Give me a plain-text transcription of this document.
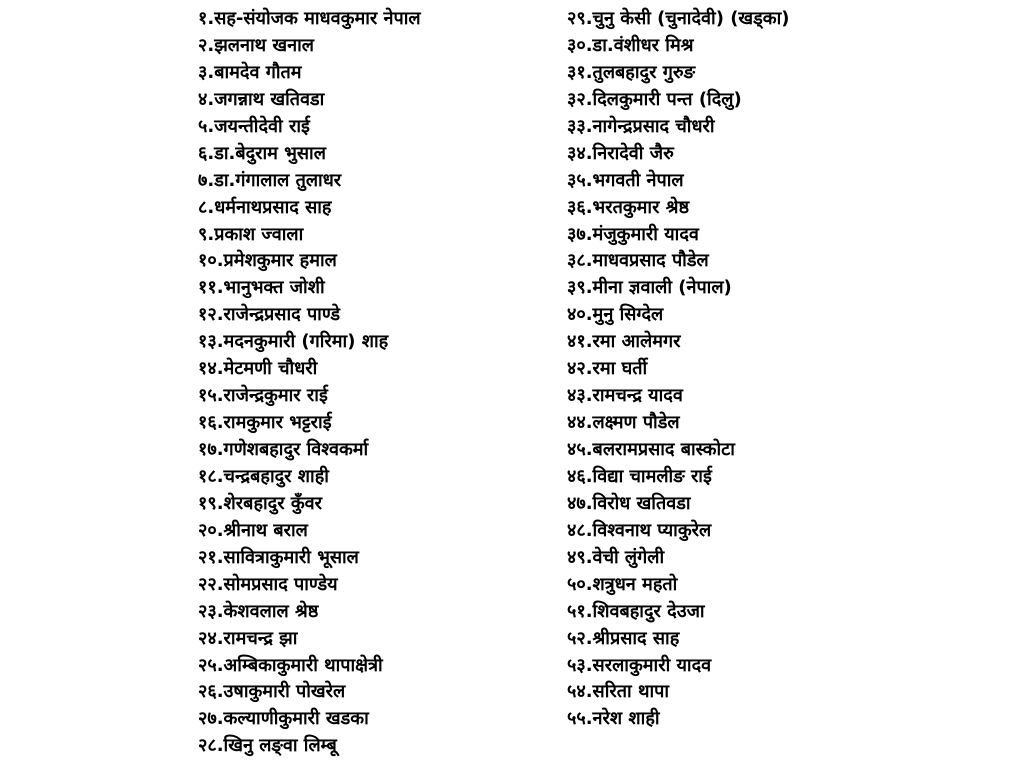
१.सह-संयोजक माधवकुमार नेपाल
२.झलनाथ खनाल
३.बामदेव गौतम
४.जगन्नाथ खतिवडा
५.जयन्तीदेवी राई
६.डा.बेदुराम भुसाल
७.डा.गंगालाल तुलाधर
८.धर्मनाथप्रसाद साह
९.प्रकाश ज्वाला
१०.प्रमेशकुमार हमाल
११.भानुभक्त जोशी
१२.राजेन्द्रप्रसाद पाण्डे
१३.मदनकुमारी (गरिमा) शाह
१४.मेटमणी चौधरी
१५.राजेन्द्रकुमार राई
१६.रामकुमार भट्टराई
१७.गणेशबहादुर विश्वकर्मा
१८.चन्द्रबहादुर शाही
१९.शेरबहादुर कुँवर
२०.श्रीनाथ बराल
२१.सावित्राकुमारी भूसाल
२२.सोमप्रसाद पाण्डेय
२३.केशवलाल श्रेष्ठ
२४.रामचन्द्र झा
२५.अम्बिकाकुमारी थापाक्षेत्री
२६.उषाकुमारी पोखरेल
२७.कल्याणीकुमारी खडका
२८.खिनु लङ्वा लिम्बू
२९.चुनु केसी (चुनादेवी) (खड्का)
३०.डा.वंशीधर मिश्र
३१.तुलबहादुर गुरुङ
३२.दिलकुमारी पन्त (दिलु)
३३.नागेन्द्रप्रसाद चौधरी
३४.निरादेवी जैरु
३५.भगवती नेपाल
३६.भरतकुमार श्रेष्ठ
३७.मंजुकुमारी यादव
३८.माधवप्रसाद पौडेल
३९.मीना ज्ञवाली (नेपाल)
४०.मुनु सिग्देल
४१.रमा आलेमगर
४२.रमा घर्ती
४३.रामचन्द्र यादव
४४.लक्ष्मण पौडेल
४५.बलरामप्रसाद बास्कोटा
४६.विद्या चामलीङ राई
४७.विरोध खतिवडा
४८.विश्वनाथ प्याकुरेल
४९.वेची लुंगेली
५०.शत्रुधन महतो
५१.शिवबहादुर देउजा
५२.श्रीप्रसाद साह
५३.सरलाकुमारी यादव
५४.सरिता थापा
५५.नरेश शाही
